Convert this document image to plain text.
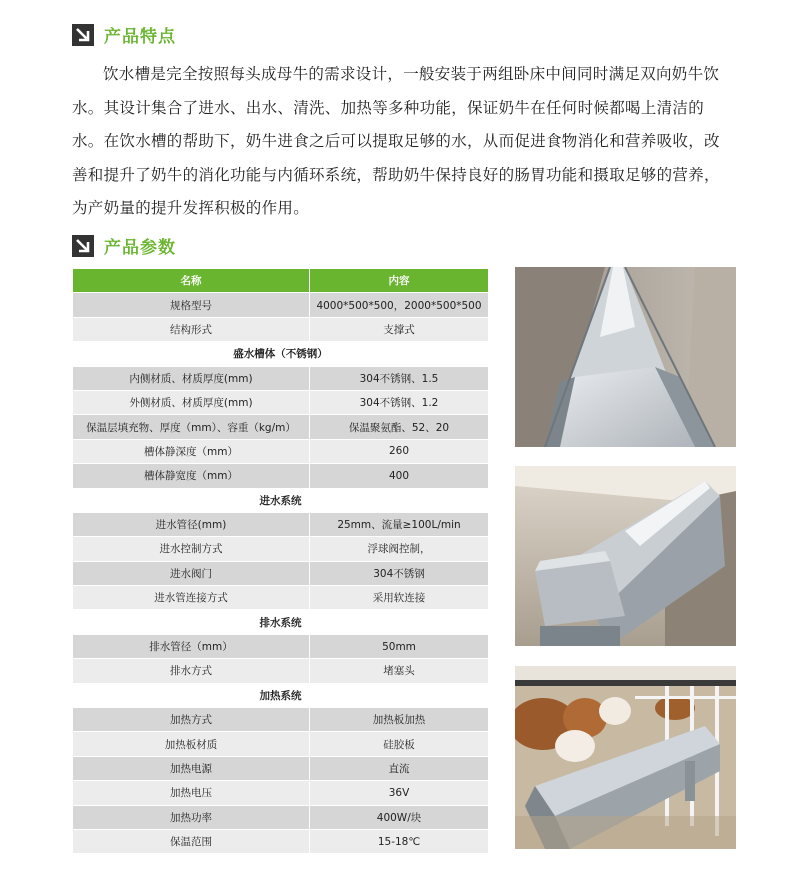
产品特点
饮水槽是完全按照每头成母牛的需求设计，一般安装于两组卧床中间同时满足双向奶牛饮水。其设计集合了进水、出水、清洗、加热等多种功能，保证奶牛在任何时候都喝上清洁的水。在饮水槽的帮助下，奶牛进食之后可以提取足够的水，从而促进食物消化和营养吸收，改善和提升了奶牛的消化功能与内循环系统，帮助奶牛保持良好的肠胃功能和摄取足够的营养，为产奶量的提升发挥积极的作用。
产品参数
名称	内容
规格型号	4000*500*500，2000*500*500
结构形式	支撑式
盛水槽体（不锈钢）	
内侧材质、材质厚度(mm)	304不锈钢、1.5
外侧材质、材质厚度(mm)	304不锈钢、1.2
保温层填充物、厚度（mm）、容重（kg/m）	保温聚氨酯、52、20
槽体静深度（mm）	260
槽体静宽度（mm）	400
进水系统	
进水管径(mm)	25mm、流量≥100L/min
进水控制方式	浮球阀控制，
进水阀门	304不锈钢
进水管连接方式	采用软连接
排水系统	
排水管径（mm）	50mm
排水方式	堵塞头
加热系统	
加热方式	加热板加热
加热板材质	硅胶板
加热电源	直流
加热电压	36V
加热功率	400W/块
保温范围	15-18℃
